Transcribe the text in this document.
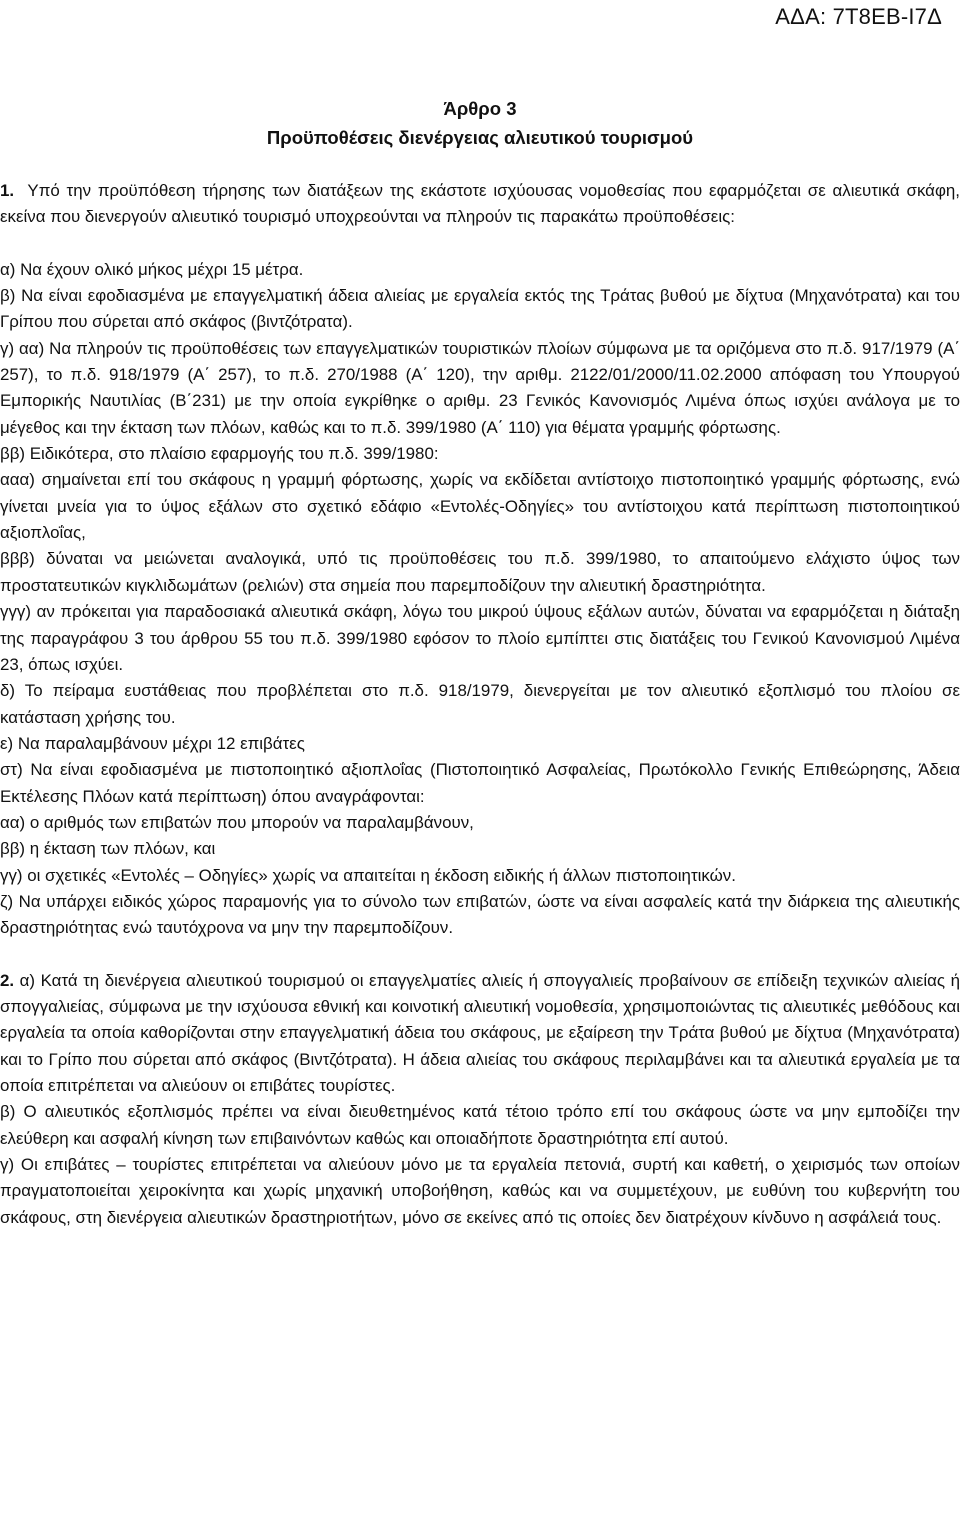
ΑΔΑ: 7Τ8ΕΒ-Ι7Δ
Άρθρο 3
Προϋποθέσεις διενέργειας αλιευτικού τουρισμού

1. Υπό την προϋπόθεση τήρησης των διατάξεων της εκάστοτε ισχύουσας νομοθεσίας που εφαρμόζεται σε αλιευτικά σκάφη, εκείνα που διενεργούν αλιευτικό τουρισμό υποχρεούνται να πληρούν τις παρακάτω προϋποθέσεις:

α) Να έχουν ολικό μήκος μέχρι 15 μέτρα.

β) Να είναι εφοδιασμένα με επαγγελματική άδεια αλιείας με εργαλεία εκτός της Τράτας βυθού με δίχτυα (Μηχανότρατα) και του Γρίπου που σύρεται από σκάφος (βιντζότρατα).

γ) αα) Να πληρούν τις προϋποθέσεις των επαγγελματικών τουριστικών πλοίων σύμφωνα με τα οριζόμενα στο π.δ. 917/1979 (Α΄ 257), το π.δ. 918/1979 (Α΄ 257), το π.δ. 270/1988 (Α΄ 120), την αριθμ. 2122/01/2000/11.02.2000 απόφαση του Υπουργού Εμπορικής Ναυτιλίας (Β΄231) με την οποία εγκρίθηκε ο αριθμ. 23 Γενικός Κανονισμός Λιμένα όπως ισχύει ανάλογα με το μέγεθος και την έκταση των πλόων, καθώς και το π.δ. 399/1980 (Α΄ 110) για θέματα γραμμής φόρτωσης.

ββ) Ειδικότερα, στο πλαίσιο εφαρμογής του π.δ. 399/1980:

ααα) σημαίνεται επί του σκάφους η γραμμή φόρτωσης, χωρίς να εκδίδεται αντίστοιχο πιστοποιητικό γραμμής φόρτωσης, ενώ γίνεται μνεία για το ύψος εξάλων στο σχετικό εδάφιο «Εντολές-Οδηγίες» του αντίστοιχου κατά περίπτωση πιστοποιητικού αξιοπλοΐας,

βββ) δύναται να μειώνεται αναλογικά, υπό τις προϋποθέσεις του π.δ. 399/1980, το απαιτούμενο ελάχιστο ύψος των προστατευτικών κιγκλιδωμάτων (ρελιών) στα σημεία που παρεμποδίζουν την αλιευτική δραστηριότητα.

γγγ) αν πρόκειται για παραδοσιακά αλιευτικά σκάφη, λόγω του μικρού ύψους εξάλων αυτών, δύναται να εφαρμόζεται η διάταξη της παραγράφου 3 του άρθρου 55 του π.δ. 399/1980 εφόσον το πλοίο εμπίπτει στις διατάξεις του Γενικού Κανονισμού Λιμένα 23, όπως ισχύει.

δ) Το πείραμα ευστάθειας που προβλέπεται στο π.δ. 918/1979, διενεργείται με τον αλιευτικό εξοπλισμό του πλοίου σε κατάσταση χρήσης του.

ε) Να παραλαμβάνουν μέχρι 12 επιβάτες

στ) Να είναι εφοδιασμένα με πιστοποιητικό αξιοπλοΐας (Πιστοποιητικό Ασφαλείας, Πρωτόκολλο Γενικής Επιθεώρησης, Άδεια Εκτέλεσης Πλόων κατά περίπτωση) όπου αναγράφονται:

αα) ο αριθμός των επιβατών που μπορούν να παραλαμβάνουν,

ββ) η έκταση των πλόων, και

γγ) οι σχετικές «Εντολές – Οδηγίες» χωρίς να απαιτείται η έκδοση ειδικής ή άλλων πιστοποιητικών.

ζ) Να υπάρχει ειδικός χώρος παραμονής για το σύνολο των επιβατών, ώστε να είναι ασφαλείς κατά την διάρκεια της αλιευτικής δραστηριότητας ενώ ταυτόχρονα να μην την παρεμποδίζουν.

2. α) Κατά τη διενέργεια αλιευτικού τουρισμού οι επαγγελματίες αλιείς ή σπογγαλιείς προβαίνουν σε επίδειξη τεχνικών αλιείας ή σπογγαλιείας, σύμφωνα με την ισχύουσα εθνική και κοινοτική αλιευτική νομοθεσία, χρησιμοποιώντας τις αλιευτικές μεθόδους και εργαλεία τα οποία καθορίζονται στην επαγγελματική άδεια του σκάφους, με εξαίρεση την Τράτα βυθού με δίχτυα (Μηχανότρατα) και το Γρίπο που σύρεται από σκάφος (Βιντζότρατα). Η άδεια αλιείας του σκάφους περιλαμβάνει και τα αλιευτικά εργαλεία με τα οποία επιτρέπεται να αλιεύουν οι επιβάτες τουρίστες.

β) Ο αλιευτικός εξοπλισμός πρέπει να είναι διευθετημένος κατά τέτοιο τρόπο επί του σκάφους ώστε να μην εμποδίζει την ελεύθερη και ασφαλή κίνηση των επιβαινόντων καθώς και οποιαδήποτε δραστηριότητα επί αυτού.

γ) Οι επιβάτες – τουρίστες επιτρέπεται να αλιεύουν μόνο με τα εργαλεία πετονιά, συρτή και καθετή, ο χειρισμός των οποίων πραγματοποιείται χειροκίνητα και χωρίς μηχανική υποβοήθηση, καθώς και να συμμετέχουν, με ευθύνη του κυβερνήτη του σκάφους, στη διενέργεια αλιευτικών δραστηριοτήτων, μόνο σε εκείνες από τις οποίες δεν διατρέχουν κίνδυνο η ασφάλειά τους.
